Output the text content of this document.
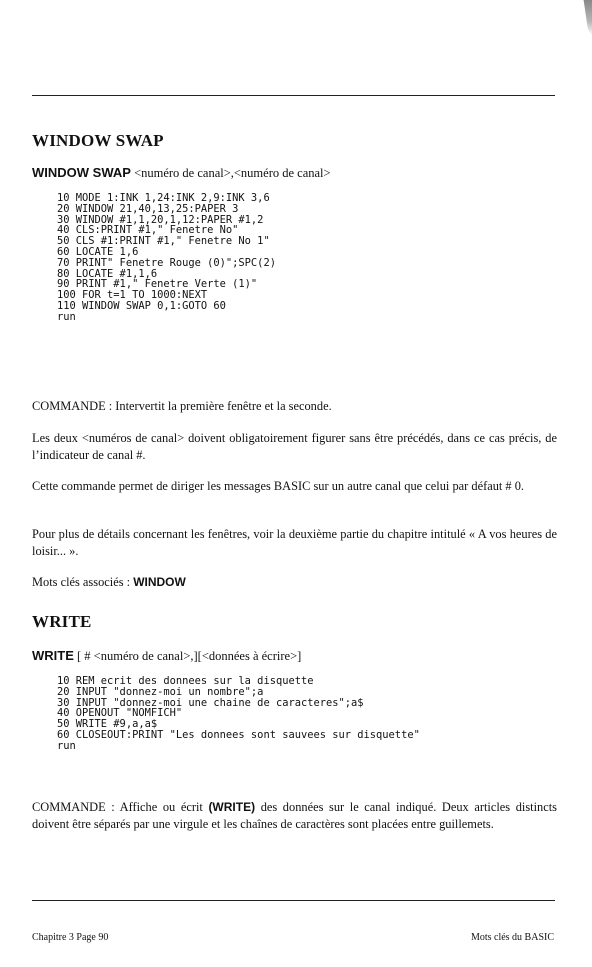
WINDOW SWAP
WINDOW SWAP <numéro de canal>,<numéro de canal>
10 MODE 1:INK 1,24:INK 2,9:INK 3,6
20 WINDOW 21,40,13,25:PAPER 3
30 WINDOW #1,1,20,1,12:PAPER #1,2
40 CLS:PRINT #1," Fenetre No"
50 CLS #1:PRINT #1," Fenetre No 1"
60 LOCATE 1,6
70 PRINT" Fenetre Rouge (0)";SPC(2)
80 LOCATE #1,1,6
90 PRINT #1," Fenetre Verte (1)"
100 FOR t=1 TO 1000:NEXT
110 WINDOW SWAP 0,1:GOTO 60
run

COMMANDE : Intervertit la première fenêtre et la seconde.

Les deux <numéros de canal> doivent obligatoirement figurer sans être précédés, dans ce cas précis, de l’indicateur de canal #.

Cette commande permet de diriger les messages BASIC sur un autre canal que celui par défaut # 0.

Pour plus de détails concernant les fenêtres, voir la deuxième partie du chapitre intitulé « A vos heures de loisir... ».

Mots clés associés : WINDOW

WRITE
WRITE [ # <numéro de canal>,][<données à écrire>]
10 REM ecrit des donnees sur la disquette
20 INPUT "donnez-moi un nombre";a
30 INPUT "donnez-moi une chaine de caracteres";a$
40 OPENOUT "NOMFICH"
50 WRITE #9,a,a$
60 CLOSEOUT:PRINT "Les donnees sont sauvees sur disquette"
run

COMMANDE : Affiche ou écrit (WRITE) des données sur le canal indiqué. Deux articles distincts doivent être séparés par une virgule et les chaînes de caractères sont placées entre guillemets.

Chapitre 3 Page 90	Mots clés du BASIC
